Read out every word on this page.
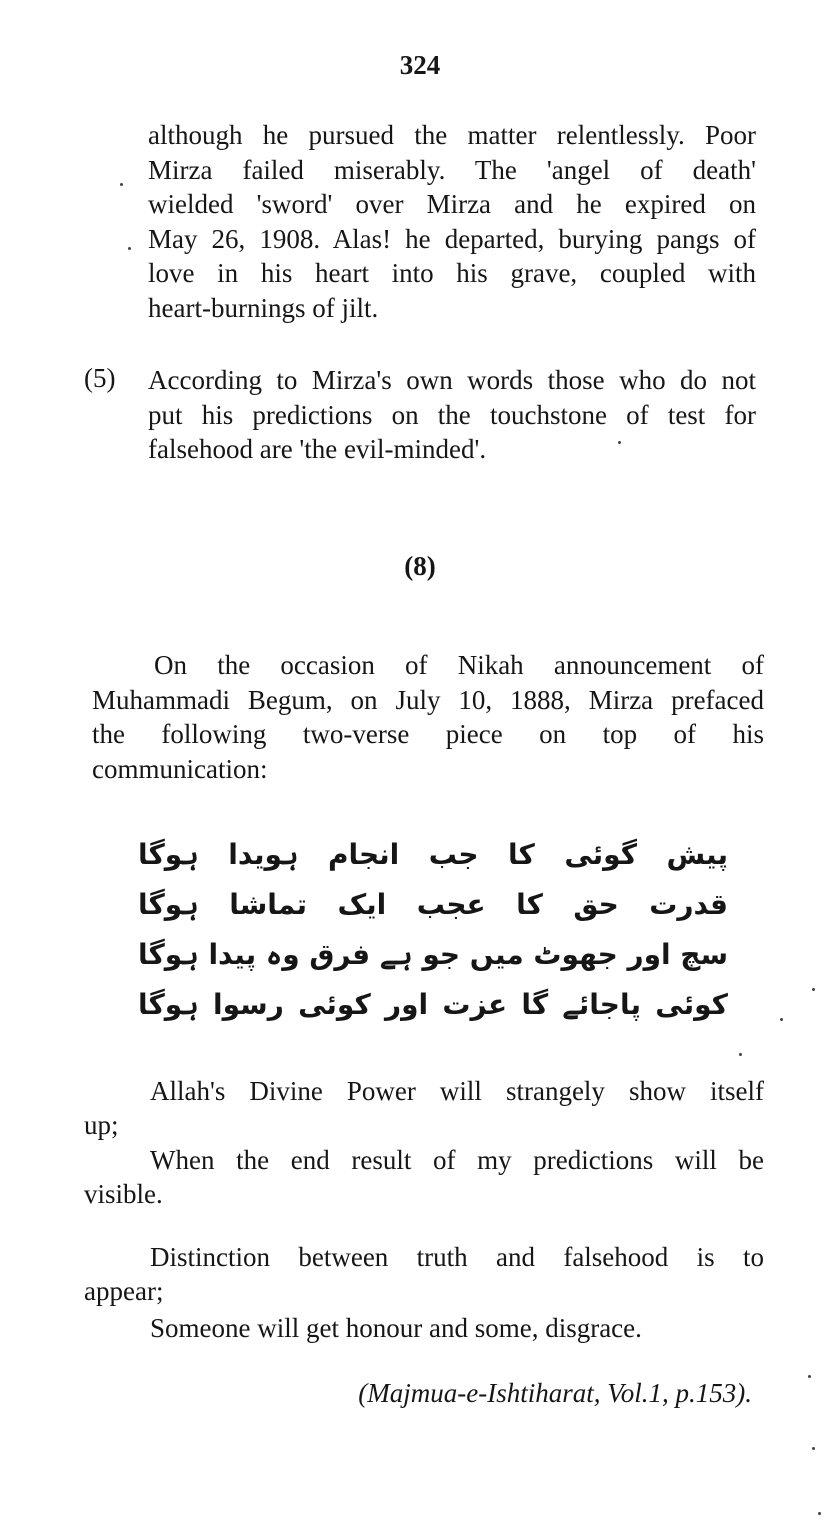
324
although he pursued the matter relentlessly. Poor
Mirza failed miserably. The 'angel of death'
wielded 'sword' over Mirza and he expired on
May 26, 1908. Alas! he departed, burying pangs of
love in his heart into his grave, coupled with
heart-burnings of jilt.
(5) According to Mirza's own words those who do not
put his predictions on the touchstone of test for
falsehood are 'the evil-minded'.
(8)
On the occasion of Nikah announcement of
Muhammadi Begum, on July 10, 1888, Mirza prefaced
the following two-verse piece on top of his
communication:
پیش
گوئی
کا
جب
انجام
ہویدا
ہوگا
قدرت
حق
کا
عجب
ایک
تماشا
ہوگا
سچ
اور
جھوٹ
میں
جو
ہے
فرق
وہ
پیدا
ہوگا
کوئی
پاجائے
گا
عزت
اور
کوئی
رسوا
ہوگا
Allah's Divine Power will strangely show itself
up;
When the end result of my predictions will be
visible.
Distinction between truth and falsehood is to
appear;
Someone will get honour and some, disgrace.
(Majmua-e-Ishtiharat, Vol.1, p.153).
